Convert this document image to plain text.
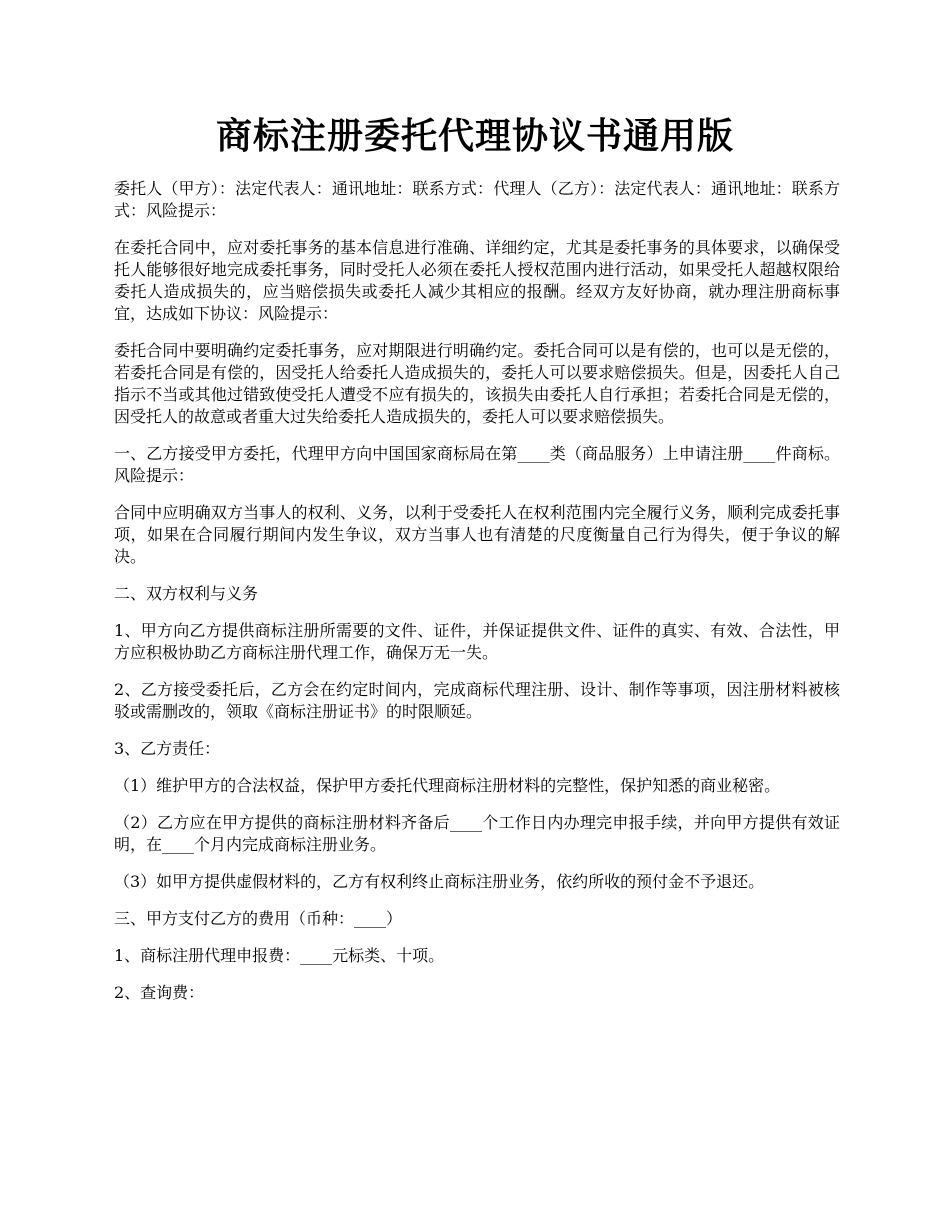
商标注册委托代理协议书通用版

委托人（甲方）：法定代表人：通讯地址：联系方式：代理人（乙方）：法定代表人：通讯地址：联系方式：风险提示：

在委托合同中，应对委托事务的基本信息进行准确、详细约定，尤其是委托事务的具体要求，以确保受托人能够很好地完成委托事务，同时受托人必须在委托人授权范围内进行活动，如果受托人超越权限给委托人造成损失的，应当赔偿损失或委托人减少其相应的报酬。经双方友好协商，就办理注册商标事宜，达成如下协议：风险提示：

委托合同中要明确约定委托事务，应对期限进行明确约定。委托合同可以是有偿的，也可以是无偿的，若委托合同是有偿的，因受托人给委托人造成损失的，委托人可以要求赔偿损失。但是，因委托人自己指示不当或其他过错致使受托人遭受不应有损失的，该损失由委托人自行承担；若委托合同是无偿的，因受托人的故意或者重大过失给委托人造成损失的，委托人可以要求赔偿损失。

一、乙方接受甲方委托，代理甲方向中国国家商标局在第____类（商品服务）上申请注册____件商标。风险提示：

合同中应明确双方当事人的权利、义务，以利于受委托人在权利范围内完全履行义务，顺利完成委托事项，如果在合同履行期间内发生争议，双方当事人也有清楚的尺度衡量自己行为得失，便于争议的解决。

二、双方权利与义务

1、甲方向乙方提供商标注册所需要的文件、证件，并保证提供文件、证件的真实、有效、合法性，甲方应积极协助乙方商标注册代理工作，确保万无一失。

2、乙方接受委托后，乙方会在约定时间内，完成商标代理注册、设计、制作等事项，因注册材料被核驳或需删改的，领取《商标注册证书》的时限顺延。

3、乙方责任：

（1）维护甲方的合法权益，保护甲方委托代理商标注册材料的完整性，保护知悉的商业秘密。

（2）乙方应在甲方提供的商标注册材料齐备后____个工作日内办理完申报手续，并向甲方提供有效证明，在____个月内完成商标注册业务。

（3）如甲方提供虚假材料的，乙方有权利终止商标注册业务，依约所收的预付金不予退还。

三、甲方支付乙方的费用（币种：____）

1、商标注册代理申报费：____元标类、十项。

2、查询费：
